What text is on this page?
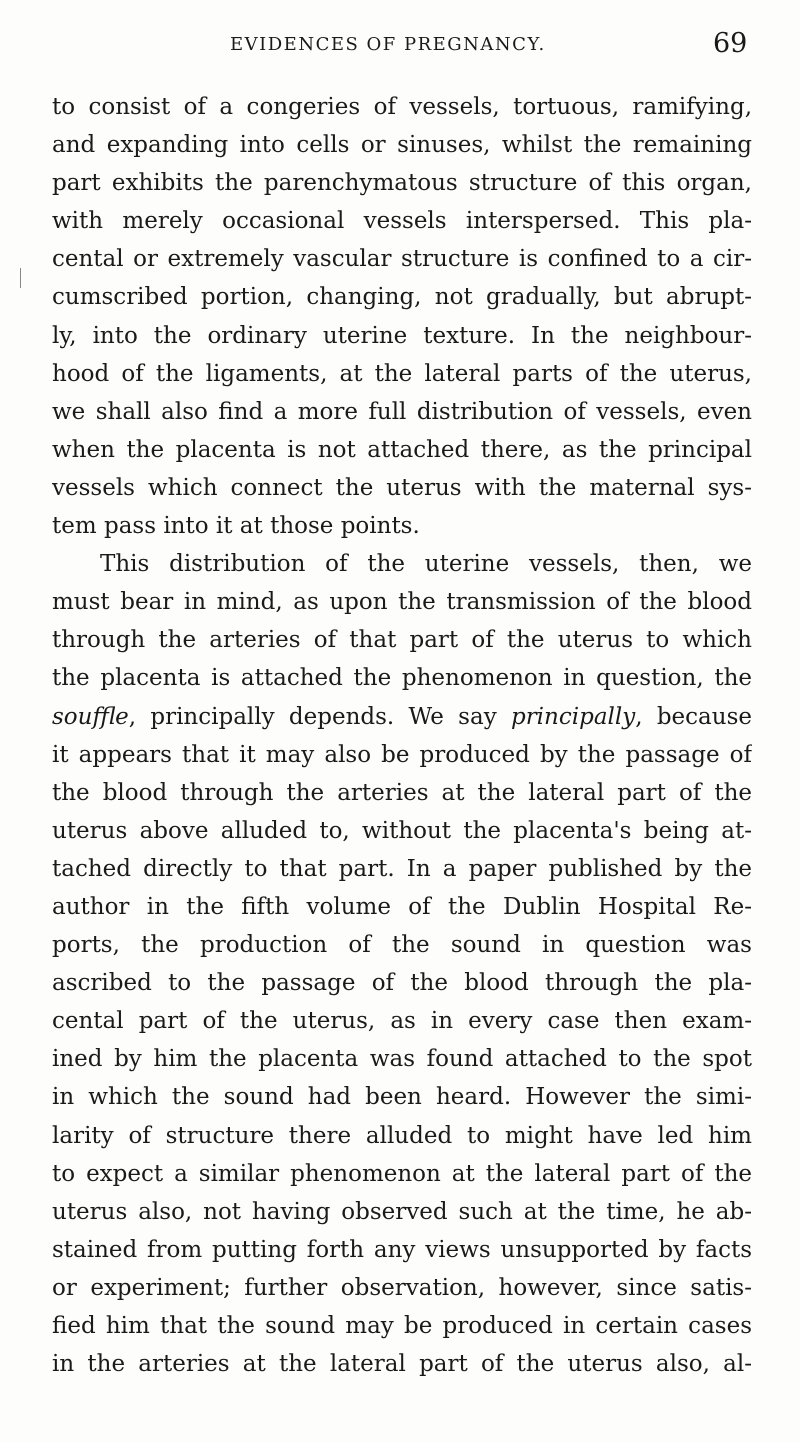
EVIDENCES OF PREGNANCY.	69
to consist of a congeries of vessels, tortuous, ramifying,
and expanding into cells or sinuses, whilst the remaining
part exhibits the parenchymatous structure of this organ,
with merely occasional vessels interspersed. This pla-
cental or extremely vascular structure is confined to a cir-
cumscribed portion, changing, not gradually, but abrupt-
ly, into the ordinary uterine texture. In the neighbour-
hood of the ligaments, at the lateral parts of the uterus,
we shall also find a more full distribution of vessels, even
when the placenta is not attached there, as the principal
vessels which connect the uterus with the maternal sys-
tem pass into it at those points.
This distribution of the uterine vessels, then, we
must bear in mind, as upon the transmission of the blood
through the arteries of that part of the uterus to which
the placenta is attached the phenomenon in question, the
souffle, principally depends. We say principally, because
it appears that it may also be produced by the passage of
the blood through the arteries at the lateral part of the
uterus above alluded to, without the placenta's being at-
tached directly to that part. In a paper published by the
author in the fifth volume of the Dublin Hospital Re-
ports, the production of the sound in question was
ascribed to the passage of the blood through the pla-
cental part of the uterus, as in every case then exam-
ined by him the placenta was found attached to the spot
in which the sound had been heard. However the simi-
larity of structure there alluded to might have led him
to expect a similar phenomenon at the lateral part of the
uterus also, not having observed such at the time, he ab-
stained from putting forth any views unsupported by facts
or experiment; further observation, however, since satis-
fied him that the sound may be produced in certain cases
in the arteries at the lateral part of the uterus also, al-
